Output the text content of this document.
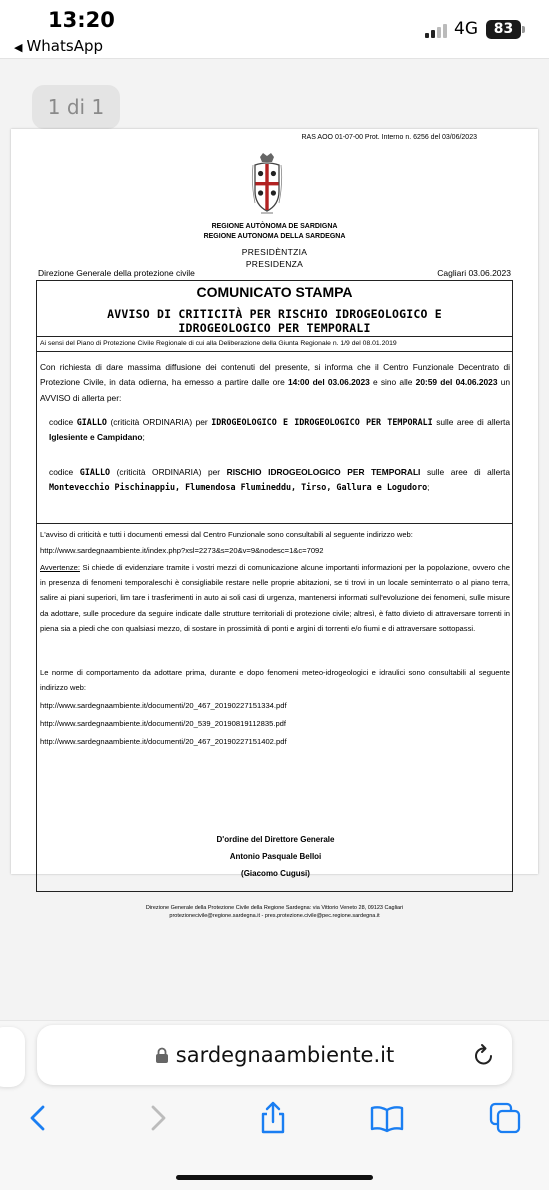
13:20
◀ WhatsApp
4G	83
1 di 1
RAS AOO 01-07-00 Prot. Interno n. 6256 del 03/06/2023
REGIONE AUTÒNOMA DE SARDIGNA
REGIONE AUTONOMA DELLA SARDEGNA
PRESIDÈNTZIA
PRESIDENZA
Direzione Generale della protezione civile	Cagliari 03.06.2023
COMUNICATO STAMPA
AVVISO DI CRITICITÀ PER RISCHIO IDROGEOLOGICO E
IDROGEOLOGICO PER TEMPORALI
Ai sensi del Piano di Protezione Civile Regionale di cui alla Deliberazione della Giunta Regionale n. 1/9 del 08.01.2019
Con richiesta di dare massima diffusione dei contenuti del presente, si informa che il Centro Funzionale Decentrato di Protezione Civile, in data odierna, ha emesso a partire dalle ore 14:00 del 03.06.2023 e sino alle 20:59 del 04.06.2023 un AVVISO di allerta per:
codice GIALLO (criticità ORDINARIA) per IDROGEOLOGICO E IDROGEOLOGICO PER TEMPORALI sulle aree di allerta Iglesiente e Campidano;
codice GIALLO (criticità ORDINARIA) per RISCHIO IDROGEOLOGICO PER TEMPORALI sulle aree di allerta Montevecchio Pischinappiu, Flumendosa Flumineddu, Tirso, Gallura e Logudoro;
L'avviso di criticità e tutti i documenti emessi dal Centro Funzionale sono consultabili al seguente indirizzo web:
http://www.sardegnaambiente.it/index.php?xsl=2273&s=20&v=9&nodesc=1&c=7092
Avvertenze: Si chiede di evidenziare tramite i vostri mezzi di comunicazione alcune importanti informazioni per la popolazione, ovvero che in presenza di fenomeni temporaleschi è consigliabile restare nelle proprie abitazioni, se ti trovi in un locale seminterrato o al piano terra, salire ai piani superiori, lim tare i trasferimenti in auto ai soli casi di urgenza, mantenersi informati sull'evoluzione dei fenomeni, sulle misure da adottare, sulle procedure da seguire indicate dalle strutture territoriali di protezione civile; altresì, è fatto divieto di attraversare torrenti in piena sia a piedi che con qualsiasi mezzo, di sostare in prossimità di ponti e argini di torrenti e/o fiumi e di attraversare sottopassi.
Le norme di comportamento da adottare prima, durante e dopo fenomeni meteo-idrogeologici e idraulici sono consultabili al seguente indirizzo web:
http://www.sardegnaambiente.it/documenti/20_467_20190227151334.pdf
http://www.sardegnaambiente.it/documenti/20_539_20190819112835.pdf
http://www.sardegnaambiente.it/documenti/20_467_20190227151402.pdf
D'ordine del Direttore Generale
Antonio Pasquale Belloi
(Giacomo Cugusi)
Direzione Generale della Protezione Civile della Regione Sardegna: via Vittorio Veneto 28, 09123 Cagliari
protezionecivile@regione.sardegna.it - pres.protezione.civile@pec.regione.sardegna.it
sardegnaambiente.it
